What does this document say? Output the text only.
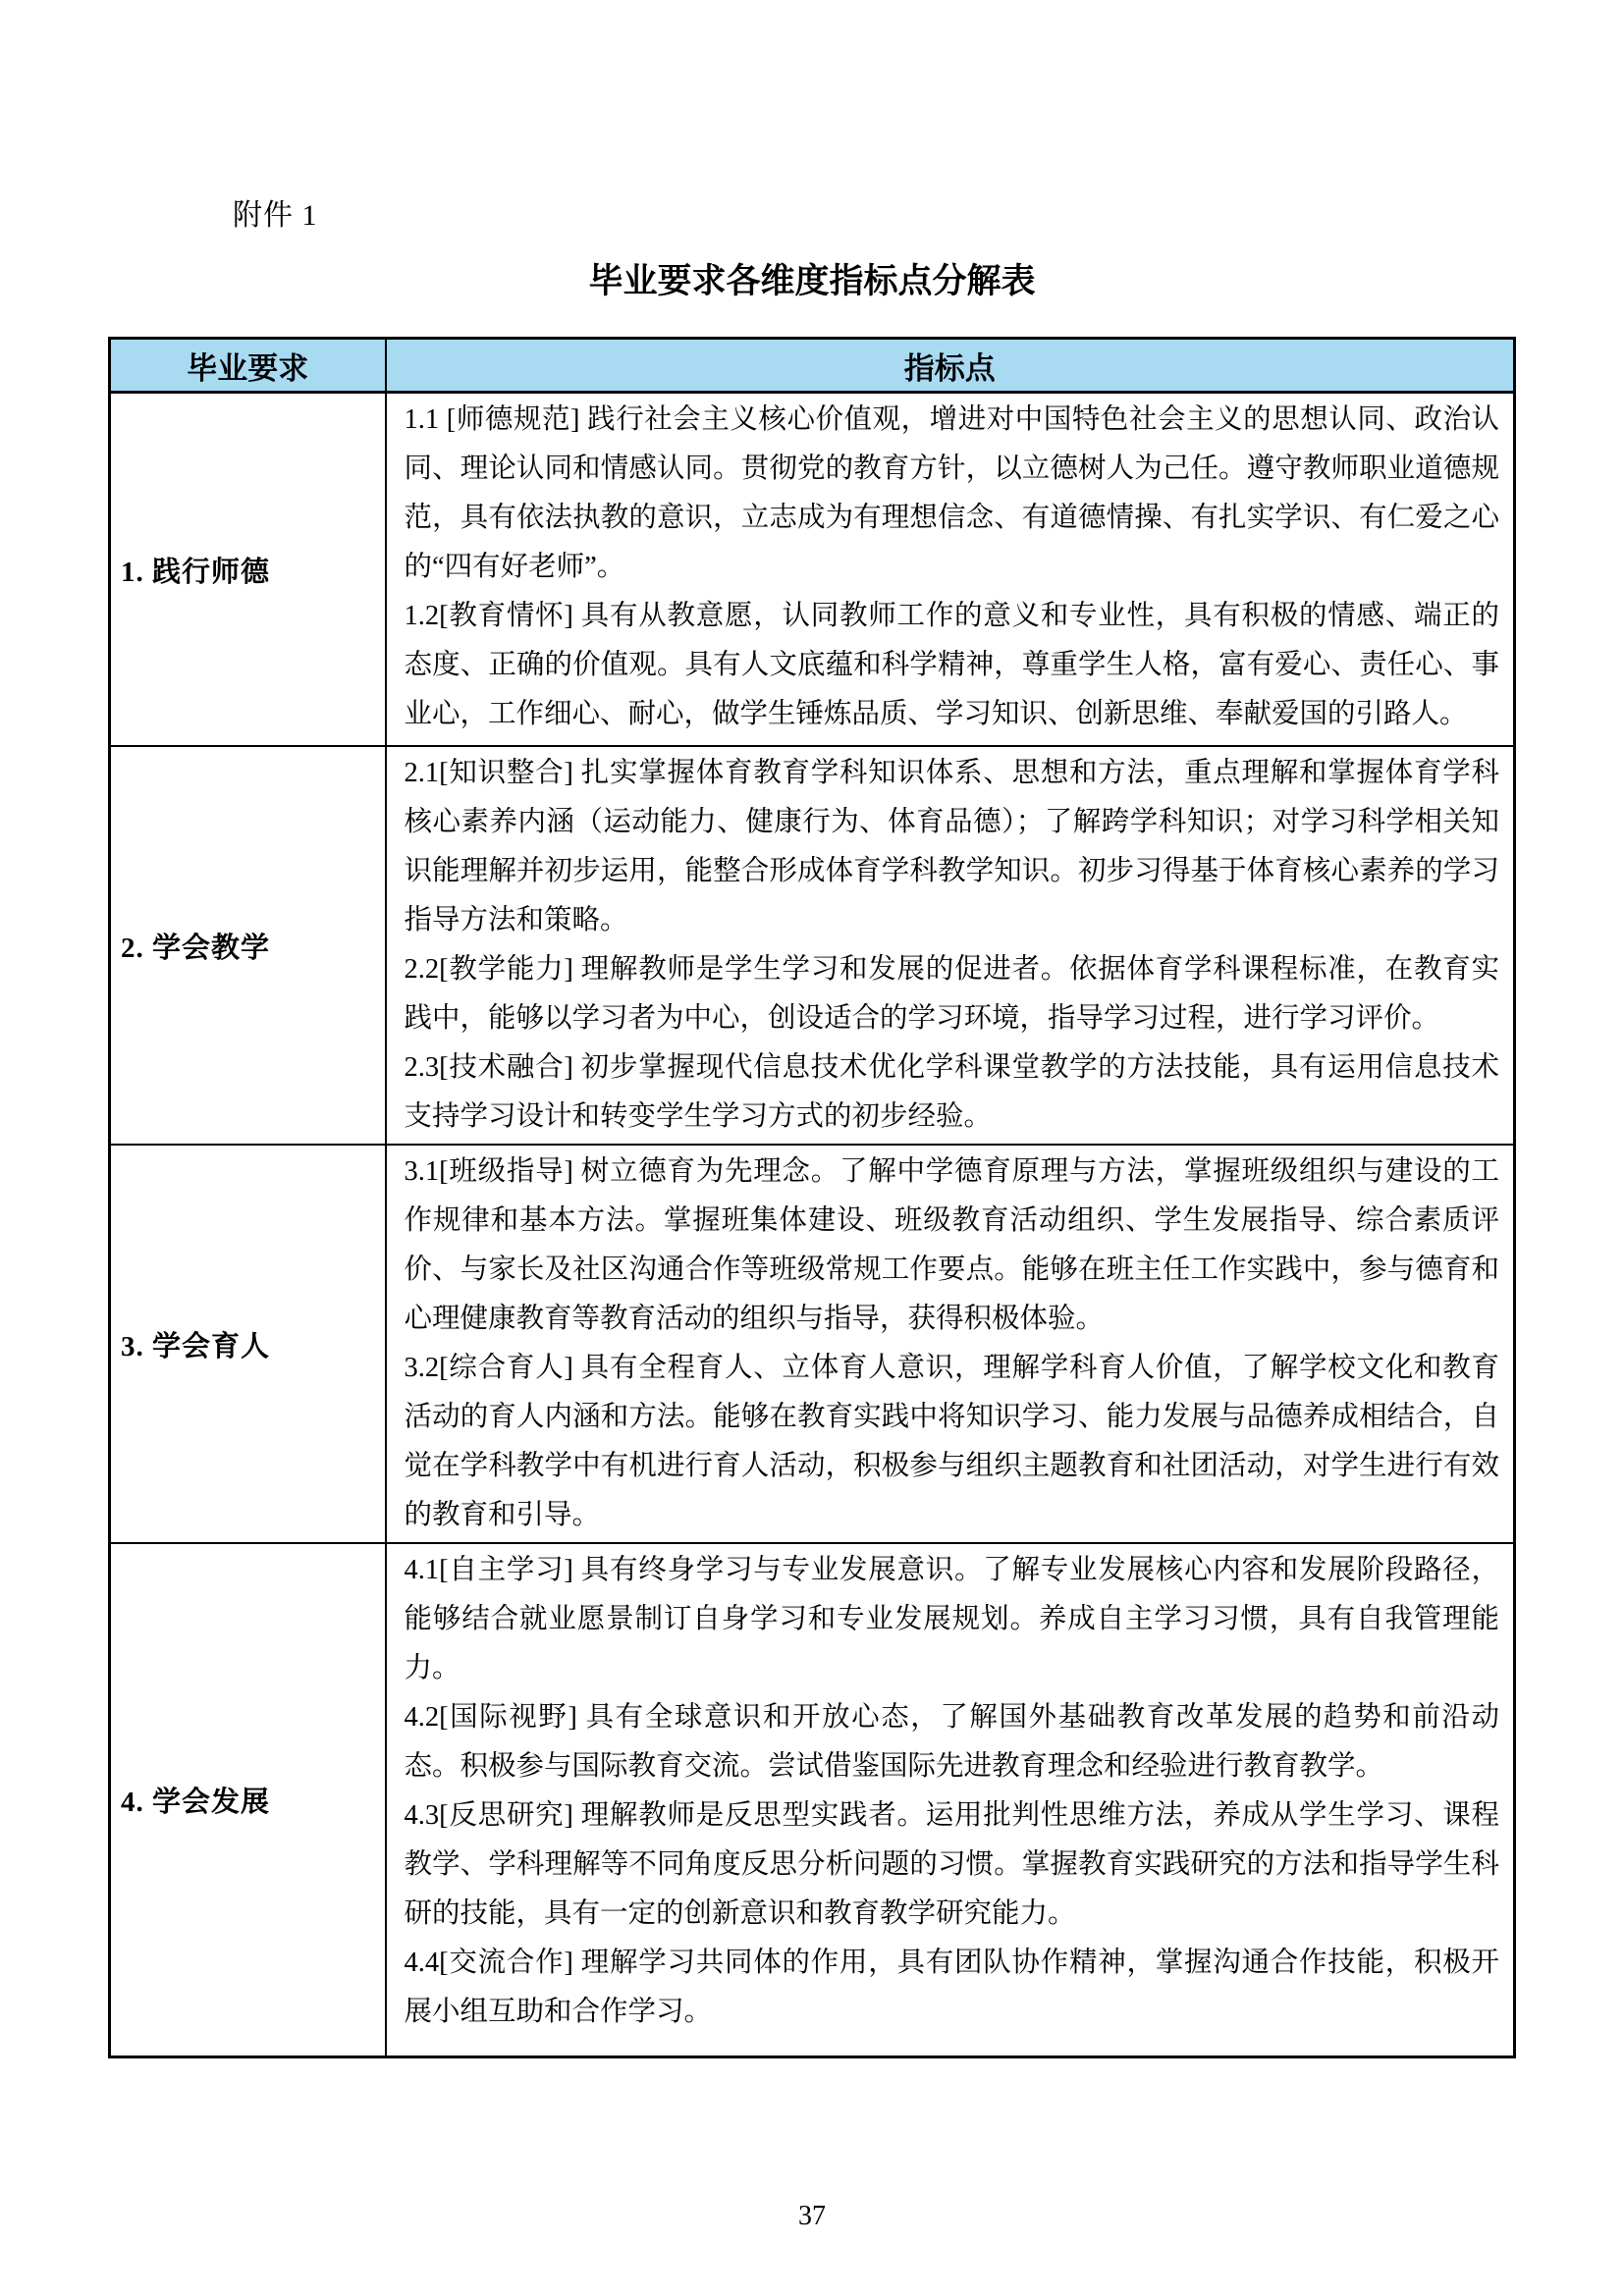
附件 1
毕业要求各维度指标点分解表
毕业要求	指标点

1. 践行师德	1.1 [师德规范] 践行社会主义核心价值观，增进对中国特色社会主义的思想认同、政治认同、理论认同和情感认同。贯彻党的教育方针，以立德树人为己任。遵守教师职业道德规范，具有依法执教的意识，立志成为有理想信念、有道德情操、有扎实学识、有仁爱之心的“四有好老师”。

1.2[教育情怀] 具有从教意愿，认同教师工作的意义和专业性，具有积极的情感、端正的态度、正确的价值观。具有人文底蕴和科学精神，尊重学生人格，富有爱心、责任心、事业心，工作细心、耐心，做学生锤炼品质、学习知识、创新思维、奉献爱国的引路人。

2. 学会教学	2.1[知识整合] 扎实掌握体育教育学科知识体系、思想和方法，重点理解和掌握体育学科核心素养内涵（运动能力、健康行为、体育品德）；了解跨学科知识；对学习科学相关知识能理解并初步运用，能整合形成体育学科教学知识。初步习得基于体育核心素养的学习指导方法和策略。

2.2[教学能力] 理解教师是学生学习和发展的促进者。依据体育学科课程标准，在教育实践中，能够以学习者为中心，创设适合的学习环境，指导学习过程，进行学习评价。

2.3[技术融合] 初步掌握现代信息技术优化学科课堂教学的方法技能，具有运用信息技术支持学习设计和转变学生学习方式的初步经验。

3. 学会育人	3.1[班级指导] 树立德育为先理念。了解中学德育原理与方法，掌握班级组织与建设的工作规律和基本方法。掌握班集体建设、班级教育活动组织、学生发展指导、综合素质评价、与家长及社区沟通合作等班级常规工作要点。能够在班主任工作实践中，参与德育和心理健康教育等教育活动的组织与指导，获得积极体验。

3.2[综合育人] 具有全程育人、立体育人意识，理解学科育人价值，了解学校文化和教育活动的育人内涵和方法。能够在教育实践中将知识学习、能力发展与品德养成相结合，自觉在学科教学中有机进行育人活动，积极参与组织主题教育和社团活动，对学生进行有效的教育和引导。

4. 学会发展	4.1[自主学习] 具有终身学习与专业发展意识。了解专业发展核心内容和发展阶段路径，能够结合就业愿景制订自身学习和专业发展规划。养成自主学习习惯，具有自我管理能力。

4.2[国际视野] 具有全球意识和开放心态，了解国外基础教育改革发展的趋势和前沿动态。积极参与国际教育交流。尝试借鉴国际先进教育理念和经验进行教育教学。

4.3[反思研究] 理解教师是反思型实践者。运用批判性思维方法，养成从学生学习、课程教学、学科理解等不同角度反思分析问题的习惯。掌握教育实践研究的方法和指导学生科研的技能，具有一定的创新意识和教育教学研究能力。

4.4[交流合作] 理解学习共同体的作用，具有团队协作精神，掌握沟通合作技能，积极开展小组互助和合作学习。

37
